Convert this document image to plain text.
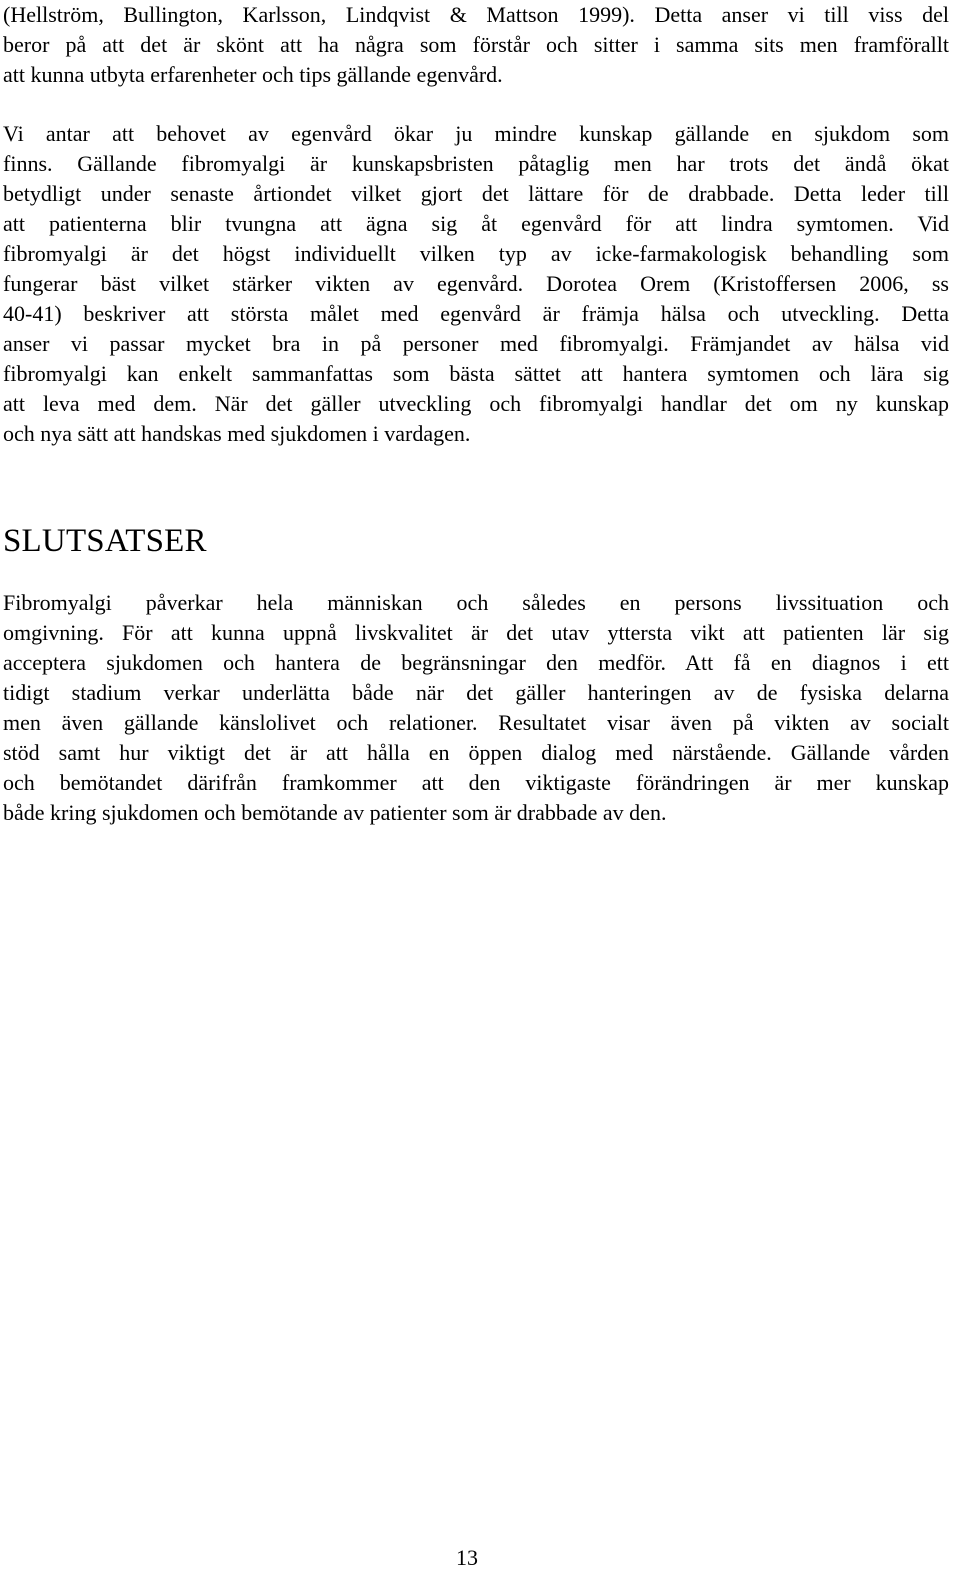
(Hellström, Bullington, Karlsson, Lindqvist & Mattson 1999). Detta anser vi till viss del
beror på att det är skönt att ha några som förstår och sitter i samma sits men framförallt
att kunna utbyta erfarenheter och tips gällande egenvård.

Vi antar att behovet av egenvård ökar ju mindre kunskap gällande en sjukdom som
finns. Gällande fibromyalgi är kunskapsbristen påtaglig men har trots det ändå ökat
betydligt under senaste årtiondet vilket gjort det lättare för de drabbade. Detta leder till
att patienterna blir tvungna att ägna sig åt egenvård för att lindra symtomen. Vid
fibromyalgi är det högst individuellt vilken typ av icke-farmakologisk behandling som
fungerar bäst vilket stärker vikten av egenvård. Dorotea Orem (Kristoffersen 2006, ss
40-41) beskriver att största målet med egenvård är främja hälsa och utveckling. Detta
anser vi passar mycket bra in på personer med fibromyalgi. Främjandet av hälsa vid
fibromyalgi kan enkelt sammanfattas som bästa sättet att hantera symtomen och lära sig
att leva med dem. När det gäller utveckling och fibromyalgi handlar det om ny kunskap
och nya sätt att handskas med sjukdomen i vardagen.

SLUTSATSER

Fibromyalgi påverkar hela människan och således en persons livssituation och
omgivning. För att kunna uppnå livskvalitet är det utav yttersta vikt att patienten lär sig
acceptera sjukdomen och hantera de begränsningar den medför. Att få en diagnos i ett
tidigt stadium verkar underlätta både när det gäller hanteringen av de fysiska delarna
men även gällande känslolivet och relationer. Resultatet visar även på vikten av socialt
stöd samt hur viktigt det är att hålla en öppen dialog med närstående. Gällande vården
och bemötandet därifrån framkommer att den viktigaste förändringen är mer kunskap
både kring sjukdomen och bemötande av patienter som är drabbade av den.

13
